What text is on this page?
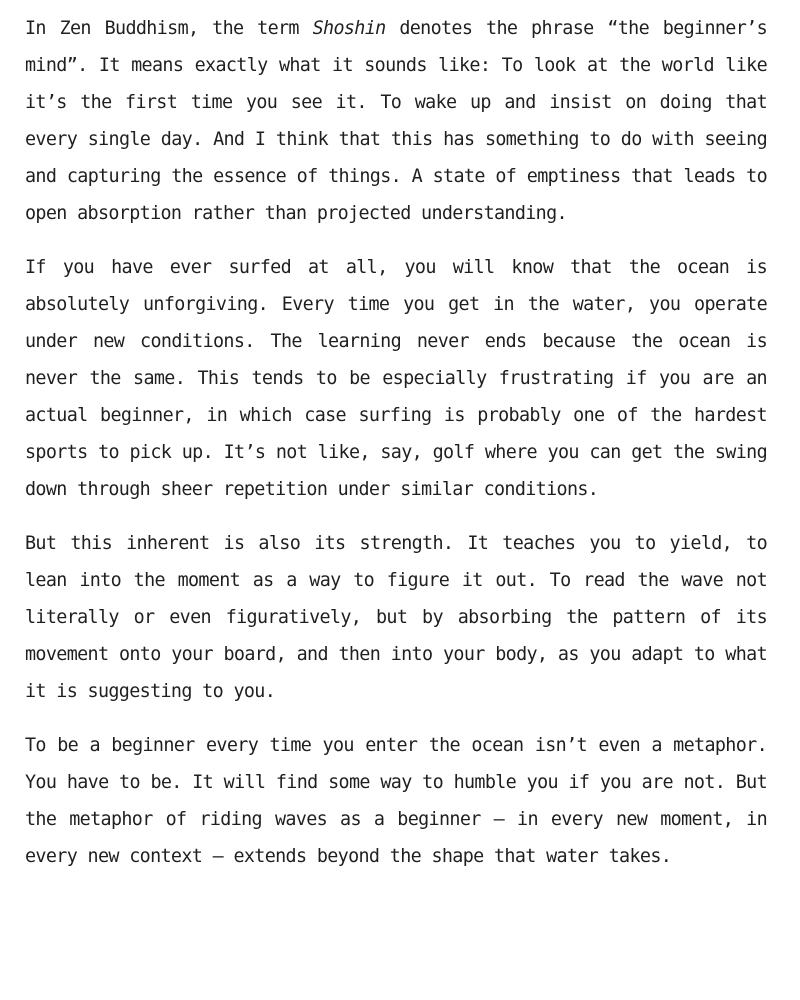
In Zen Buddhism, the term Shoshin denotes the phrase “the beginner’s mind”. It means exactly what it sounds like: To look at the world like it’s the first time you see it. To wake up and insist on doing that every single day. And I think that this has something to do with seeing and capturing the essence of things. A state of emptiness that leads to open absorption rather than projected understanding.

If you have ever surfed at all, you will know that the ocean is absolutely unforgiving. Every time you get in the water, you operate under new conditions. The learning never ends because the ocean is never the same. This tends to be especially frustrating if you are an actual beginner, in which case surfing is probably one of the hardest sports to pick up. It’s not like, say, golf where you can get the swing down through sheer repetition under similar conditions.

But this inherent is also its strength. It teaches you to yield, to lean into the moment as a way to figure it out. To read the wave not literally or even figuratively, but by absorbing the pattern of its movement onto your board, and then into your body, as you adapt to what it is suggesting to you.

To be a beginner every time you enter the ocean isn’t even a metaphor. You have to be. It will find some way to humble you if you are not. But the metaphor of riding waves as a beginner — in every new moment, in every new context — extends beyond the shape that water takes.
